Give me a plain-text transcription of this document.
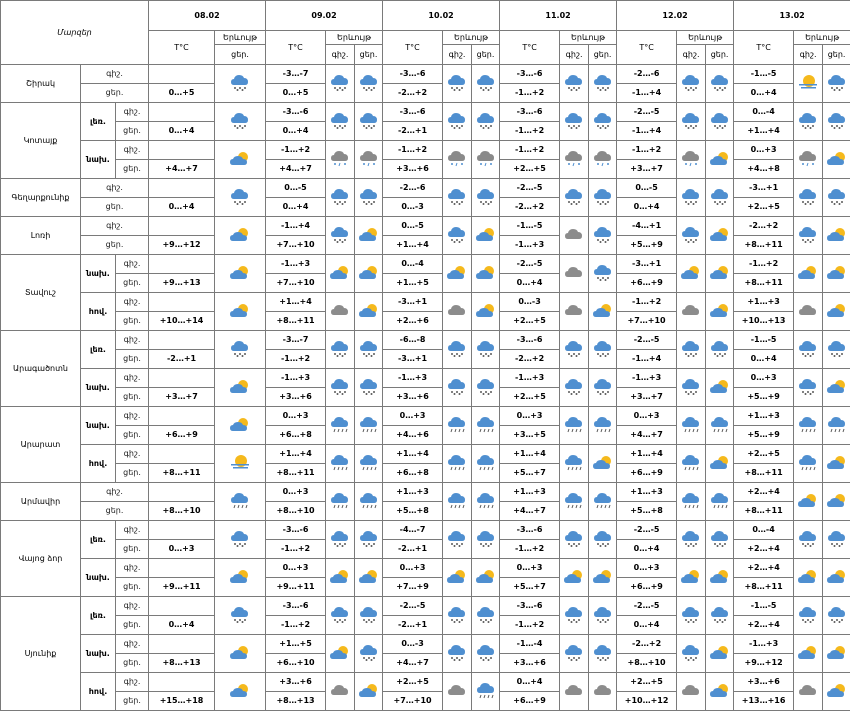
Մարզեր			08.02		09.02			10.02			11.02			12.02			13.02		
			T°C	Երևույթ	T°C	Երևույթ		T°C	Երևույթ		T°C	Երևույթ		T°C	Երևույթ		T°C	Երևույթ	
				ցեր.		գիշ.	ցեր.		գիշ.	ցեր.		գիշ.	ցեր.		գիշ.	ցեր.		գիշ.	ցեր.
Շիրակ	գիշ.				-3…-7			-3…-6			-3…-6			-2…-6			-1…-5		
	ցեր.		0…+5		0…+5			-2…+2			-1…+2			-1…+4			0…+4		
Կոտայք	լեռ.	գիշ.			-3…-6			-3…-6			-3…-6			-2…-5			0…-4		
		ցեր.	0…+4		0…+4			-2…+1			-1…+2			-1…+4			+1…+4		
	նախ.	գիշ.			-1…+2			-1…+2			-1…+2			-1…+2			0…+3		
		ցեր.	+4…+7		+4…+7			+3…+6			+2…+5			+3…+7			+4…+8		
Գեղարքունիք	գիշ.				0…-5			-2…-6			-2…-5			0…-5			-3…+1		
	ցեր.		0…+4		0…+4			0…-3			-2…+2			0…+4			+2…+5		
Լոռի	գիշ.				-1…+4			0…-5			-1…-5			-4…+1			-2…+2		
	ցեր.		+9…+12		+7…+10			+1…+4			-1…+3			+5…+9			+8…+11		
Տավուշ	նախ.	գիշ.			-1…+3			0…-4			-2…-5			-3…+1			-1…+2		
		ցեր.	+9…+13		+7…+10			+1…+5			0…+4			+6…+9			+8…+11		
	հով.	գիշ.			+1…+4			-3…+1			0…-3			-1…+2			+1…+3		
		ցեր.	+10…+14		+8…+11			+2…+6			+2…+5			+7…+10			+10…+13		
Արագածոտն	լեռ.	գիշ.			-3…-7			-6…-8			-3…-6			-2…-5			-1…-5		
		ցեր.	-2…+1		-1…+2			-3…+1			-2…+2			-1…+4			0…+4		
	նախ.	գիշ.			-1…+3			-1…+3			-1…+3			-1…+3			0…+3		
		ցեր.	+3…+7		+3…+6			+3…+6			+2…+5			+3…+7			+5…+9		
Արարատ	նախ.	գիշ.			0…+3			0…+3			0…+3			0…+3			+1…+3		
		ցեր.	+6…+9		+6…+8			+4…+6			+3…+5			+4…+7			+5…+9		
	հով.	գիշ.			+1…+4			+1…+4			+1…+4			+1…+4			+2…+5		
		ցեր.	+8…+11		+8…+11			+6…+8			+5…+7			+6…+9			+8…+11		
Արմավիր	գիշ.				0…+3			+1…+3			+1…+3			+1…+3			+2…+4		
	ցեր.		+8…+10		+8…+10			+5…+8			+4…+7			+5…+8			+8…+11		
Վայոց ձոր	լեռ.	գիշ.			-3…-6			-4…-7			-3…-6			-2…-5			0…-4		
		ցեր.	0…+3		-1…+2			-2…+1			-1…+2			0…+4			+2…+4		
	նախ.	գիշ.			0…+3			0…+3			0…+3			0…+3			+2…+4		
		ցեր.	+9…+11		+9…+11			+7…+9			+5…+7			+6…+9			+8…+11		
Սյունիք	լեռ.	գիշ.			-3…-6			-2…-5			-3…-6			-2…-5			-1…-5		
		ցեր.	0…+4		-1…+2			-2…+1			-1…+2			0…+4			+2…+4		
	նախ.	գիշ.			+1…+5			0…-3			-1…-4			-2…+2			-1…+3		
		ցեր.	+8…+13		+6…+10			+4…+7			+3…+6			+8…+10			+9…+12		
	հով.	գիշ.			+3…+6			+2…+5			0…+4			+2…+5			+3…+6		
		ցեր.	+15…+18		+8…+13			+7…+10			+6…+9			+10…+12			+13…+16		
